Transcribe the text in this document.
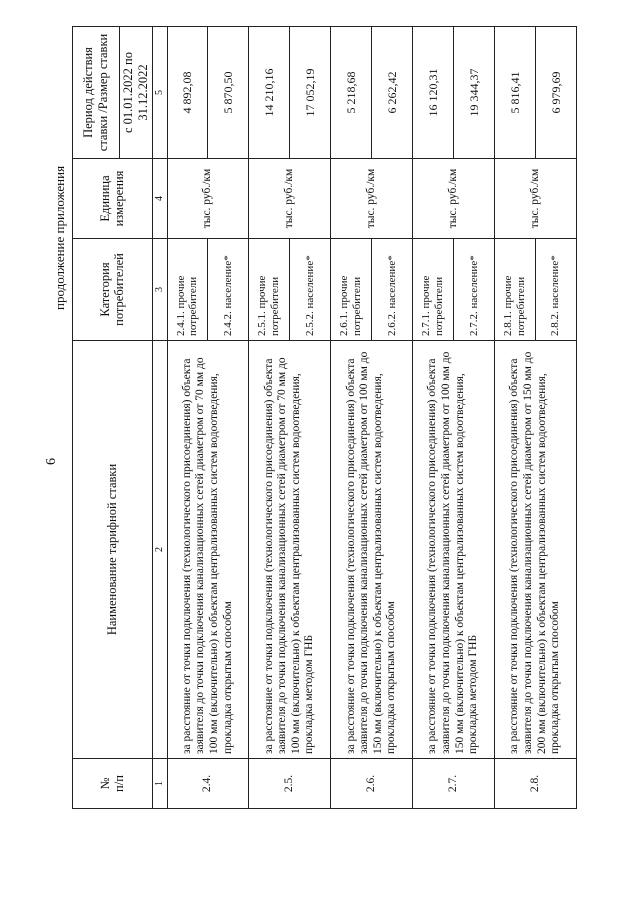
6
продолжение приложения
№
п/п	Наименование тарифной ставки	Категория потребителей	Единица измерения	Период действия ставки /Размер ставки
				с 01.01.2022 по 31.12.2022
1	2	3	4	5
2.4.	за расстояние от точки подключения (технологического присоединения) объекта заявителя до точки подключения канализационных сетей диаметром от 70 мм до 100 мм (включительно) к объектам централизованных систем водоотведения, прокладка открытым способом	2.4.1. прочие потребители	тыс. руб./км	4 892,08
		2.4.2. население*		5 870,50
2.5.	за расстояние от точки подключения (технологического присоединения) объекта заявителя до точки подключения канализационных сетей диаметром от 70 мм до 100 мм (включительно) к объектам централизованных систем водоотведения, прокладка методом ГНБ	2.5.1. прочие потребители	тыс. руб./км	14 210,16
		2.5.2. население*		17 052,19
2.6.	за расстояние от точки подключения (технологического присоединения) объекта заявителя до точки подключения канализационных сетей диаметром от 100 мм до 150 мм (включительно) к объектам централизованных систем водоотведения, прокладка открытым способом	2.6.1. прочие потребители	тыс. руб./км	5 218,68
		2.6.2. население*		6 262,42
2.7.	за расстояние от точки подключения (технологического присоединения) объекта заявителя до точки подключения канализационных сетей диаметром от 100 мм до 150 мм (включительно) к объектам централизованных систем водоотведения, прокладка методом ГНБ	2.7.1. прочие потребители	тыс. руб./км	16 120,31
		2.7.2. население*		19 344,37
2.8.	за расстояние от точки подключения (технологического присоединения) объекта заявителя до точки подключения канализационных сетей диаметром от 150 мм до 200 мм (включительно) к объектам централизованных систем водоотведения, прокладка открытым способом	2.8.1. прочие потребители	тыс. руб./км	5 816,41
		2.8.2. население*		6 979,69
